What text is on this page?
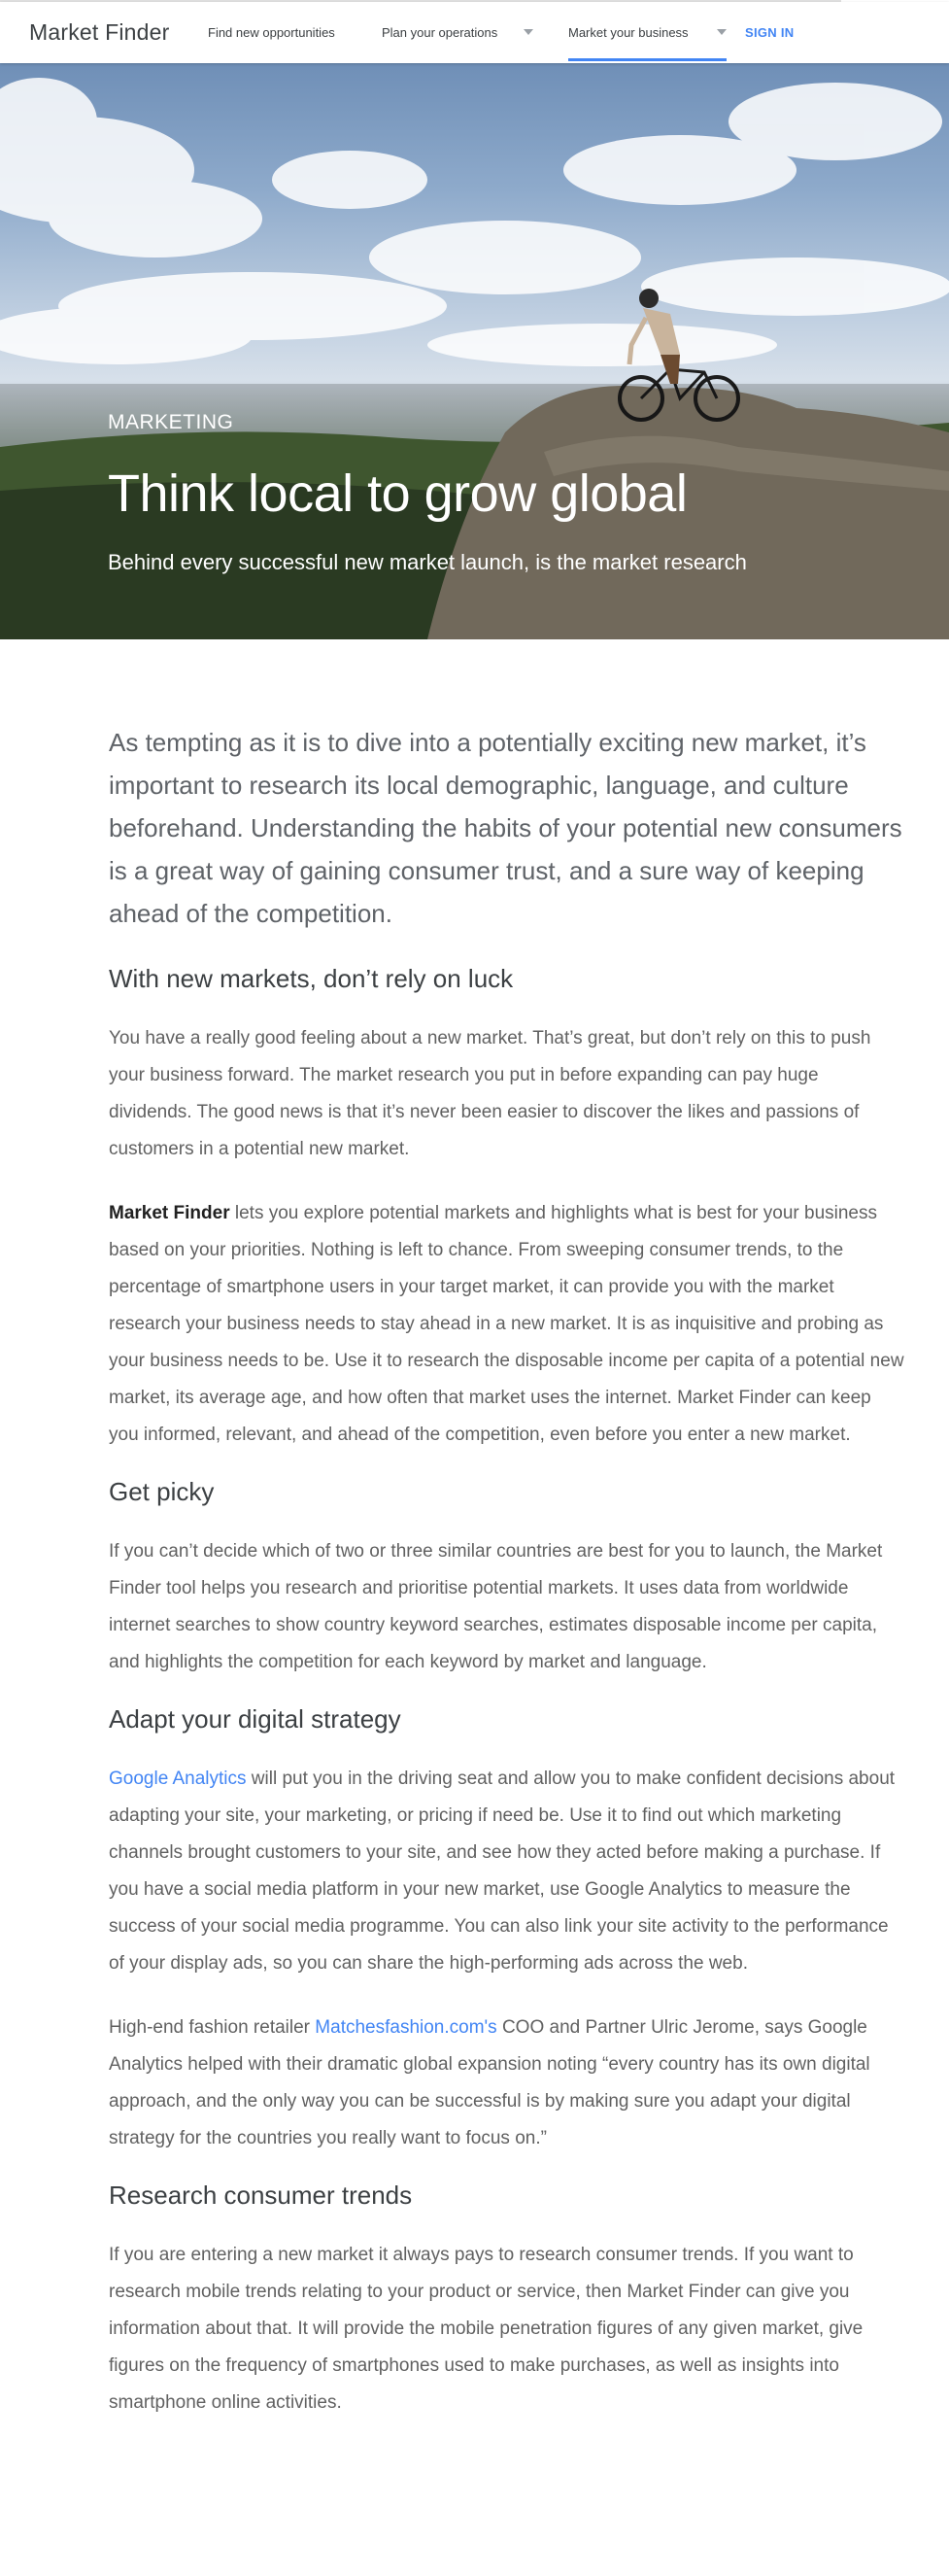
Market Finder	Find new opportunities	Plan your operations	Market your business	SIGN IN
MARKETING
Think local to grow global
Behind every successful new market launch, is the market research

As tempting as it is to dive into a potentially exciting new market, it’s important to research its local demographic, language, and culture beforehand. Understanding the habits of your potential new consumers is a great way of gaining consumer trust, and a sure way of keeping ahead of the competition.

With new markets, don’t rely on luck

You have a really good feeling about a new market. That’s great, but don’t rely on this to push your business forward. The market research you put in before expanding can pay huge dividends. The good news is that it’s never been easier to discover the likes and passions of customers in a potential new market.

Market Finder lets you explore potential markets and highlights what is best for your business based on your priorities. Nothing is left to chance. From sweeping consumer trends, to the percentage of smartphone users in your target market, it can provide you with the market research your business needs to stay ahead in a new market. It is as inquisitive and probing as your business needs to be. Use it to research the disposable income per capita of a potential new market, its average age, and how often that market uses the internet. Market Finder can keep you informed, relevant, and ahead of the competition, even before you enter a new market.

Get picky

If you can’t decide which of two or three similar countries are best for you to launch, the Market Finder tool helps you research and prioritise potential markets. It uses data from worldwide internet searches to show country keyword searches, estimates disposable income per capita, and highlights the competition for each keyword by market and language.

Adapt your digital strategy

Google Analytics will put you in the driving seat and allow you to make confident decisions about adapting your site, your marketing, or pricing if need be. Use it to find out which marketing channels brought customers to your site, and see how they acted before making a purchase. If you have a social media platform in your new market, use Google Analytics to measure the success of your social media programme. You can also link your site activity to the performance of your display ads, so you can share the high-performing ads across the web.

High-end fashion retailer Matchesfashion.com's COO and Partner Ulric Jerome, says Google Analytics helped with their dramatic global expansion noting “every country has its own digital approach, and the only way you can be successful is by making sure you adapt your digital strategy for the countries you really want to focus on.”

Research consumer trends

If you are entering a new market it always pays to research consumer trends. If you want to research mobile trends relating to your product or service, then Market Finder can give you information about that. It will provide the mobile penetration figures of any given market, give figures on the frequency of smartphones used to make purchases, as well as insights into smartphone online activities.
